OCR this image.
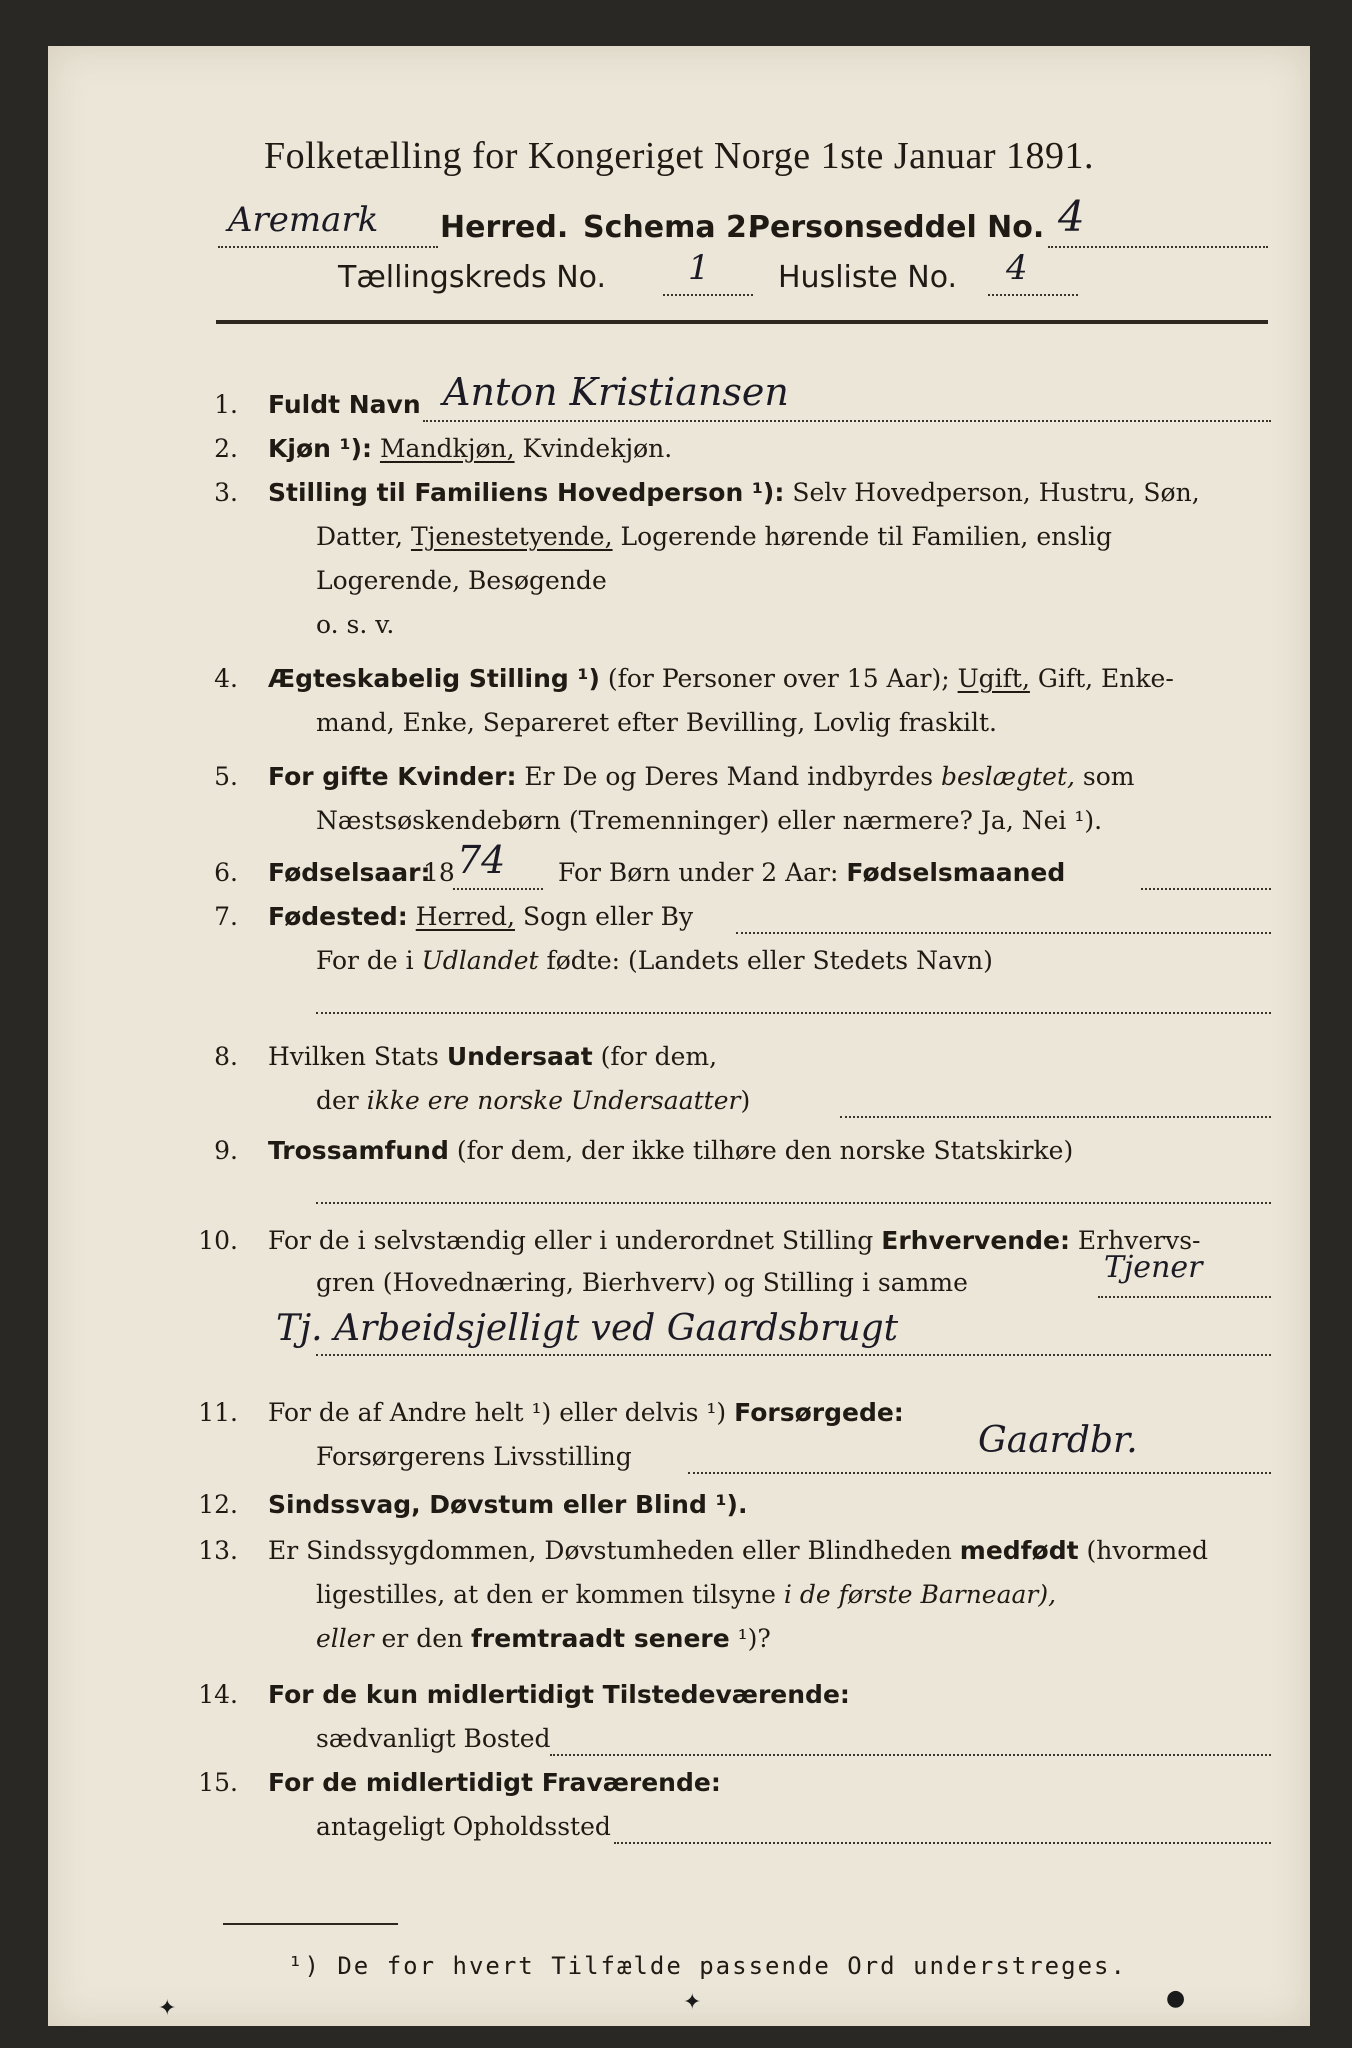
Folketælling for Kongeriget Norge 1ste Januar 1891.
Aremark Herred. Schema 2.
Personseddel No. 4
Tællingskreds No. 1 Husliste No. 4
1. Fuldt Navn Anton Kristiansen
2. Kjøn ¹): Mandkjøn, Kvindekjøn.
3. Stilling til Familiens Hovedperson ¹): Selv Hovedperson, Hustru, Søn,
Datter, Tjenestetyende, Logerende hørende til Familien, enslig
Logerende, Besøgende
o. s. v.
4. Ægteskabelig Stilling ¹) (for Personer over 15 Aar); Ugift, Gift, Enke-
mand, Enke, Separeret efter Bevilling, Lovlig fraskilt.
5. For gifte Kvinder: Er De og Deres Mand indbyrdes beslægtet, som
Næstsøskendebørn (Tremenninger) eller nærmere? Ja, Nei ¹).
6. Fødselsaar:
18 74 For Børn under 2 Aar: Fødselsmaaned
7. Fødested: Herred, Sogn eller By
For de i Udlandet fødte: (Landets eller Stedets Navn)
8. Hvilken Stats Undersaat (for dem,
der ikke ere norske Undersaatter)
9. Trossamfund (for dem, der ikke tilhøre den norske Statskirke)
10. For de i selvstændig eller i underordnet Stilling Erhvervende: Erhvervs-
gren (Hovednæring, Bierhverv) og Stilling i samme	Tjener
Tj. Arbeidsjelligt ved Gaardsbrugt
11. For de af Andre helt ¹) eller delvis ¹) Forsørgede:
Forsørgerens Livsstilling	Gaardbr.
12. Sindssvag, Døvstum eller Blind ¹).
13. Er Sindssygdommen, Døvstumheden eller Blindheden medfødt (hvormed
ligestilles, at den er kommen tilsyne i de første Barneaar),
eller er den fremtraadt senere ¹)?
14. For de kun midlertidigt Tilstedeværende:
sædvanligt Bosted
15. For de midlertidigt Fraværende:
antageligt Opholdssted
¹) De for hvert Tilfælde passende Ord understreges.
✦	✦	●
